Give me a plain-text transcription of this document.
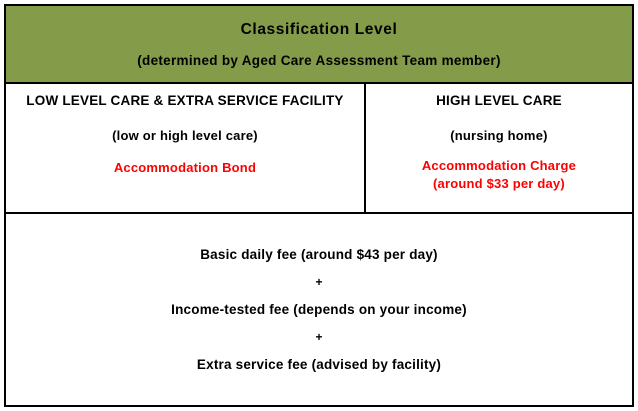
Classification Level
(determined by Aged Care Assessment Team member)
LOW LEVEL CARE & EXTRA SERVICE FACILITY
(low or high level care)
Accommodation Bond
HIGH LEVEL CARE
(nursing home)
Accommodation Charge
(around $33 per day)
Basic daily fee (around $43 per day)
+
Income-tested fee (depends on your income)
+
Extra service fee (advised by facility)
